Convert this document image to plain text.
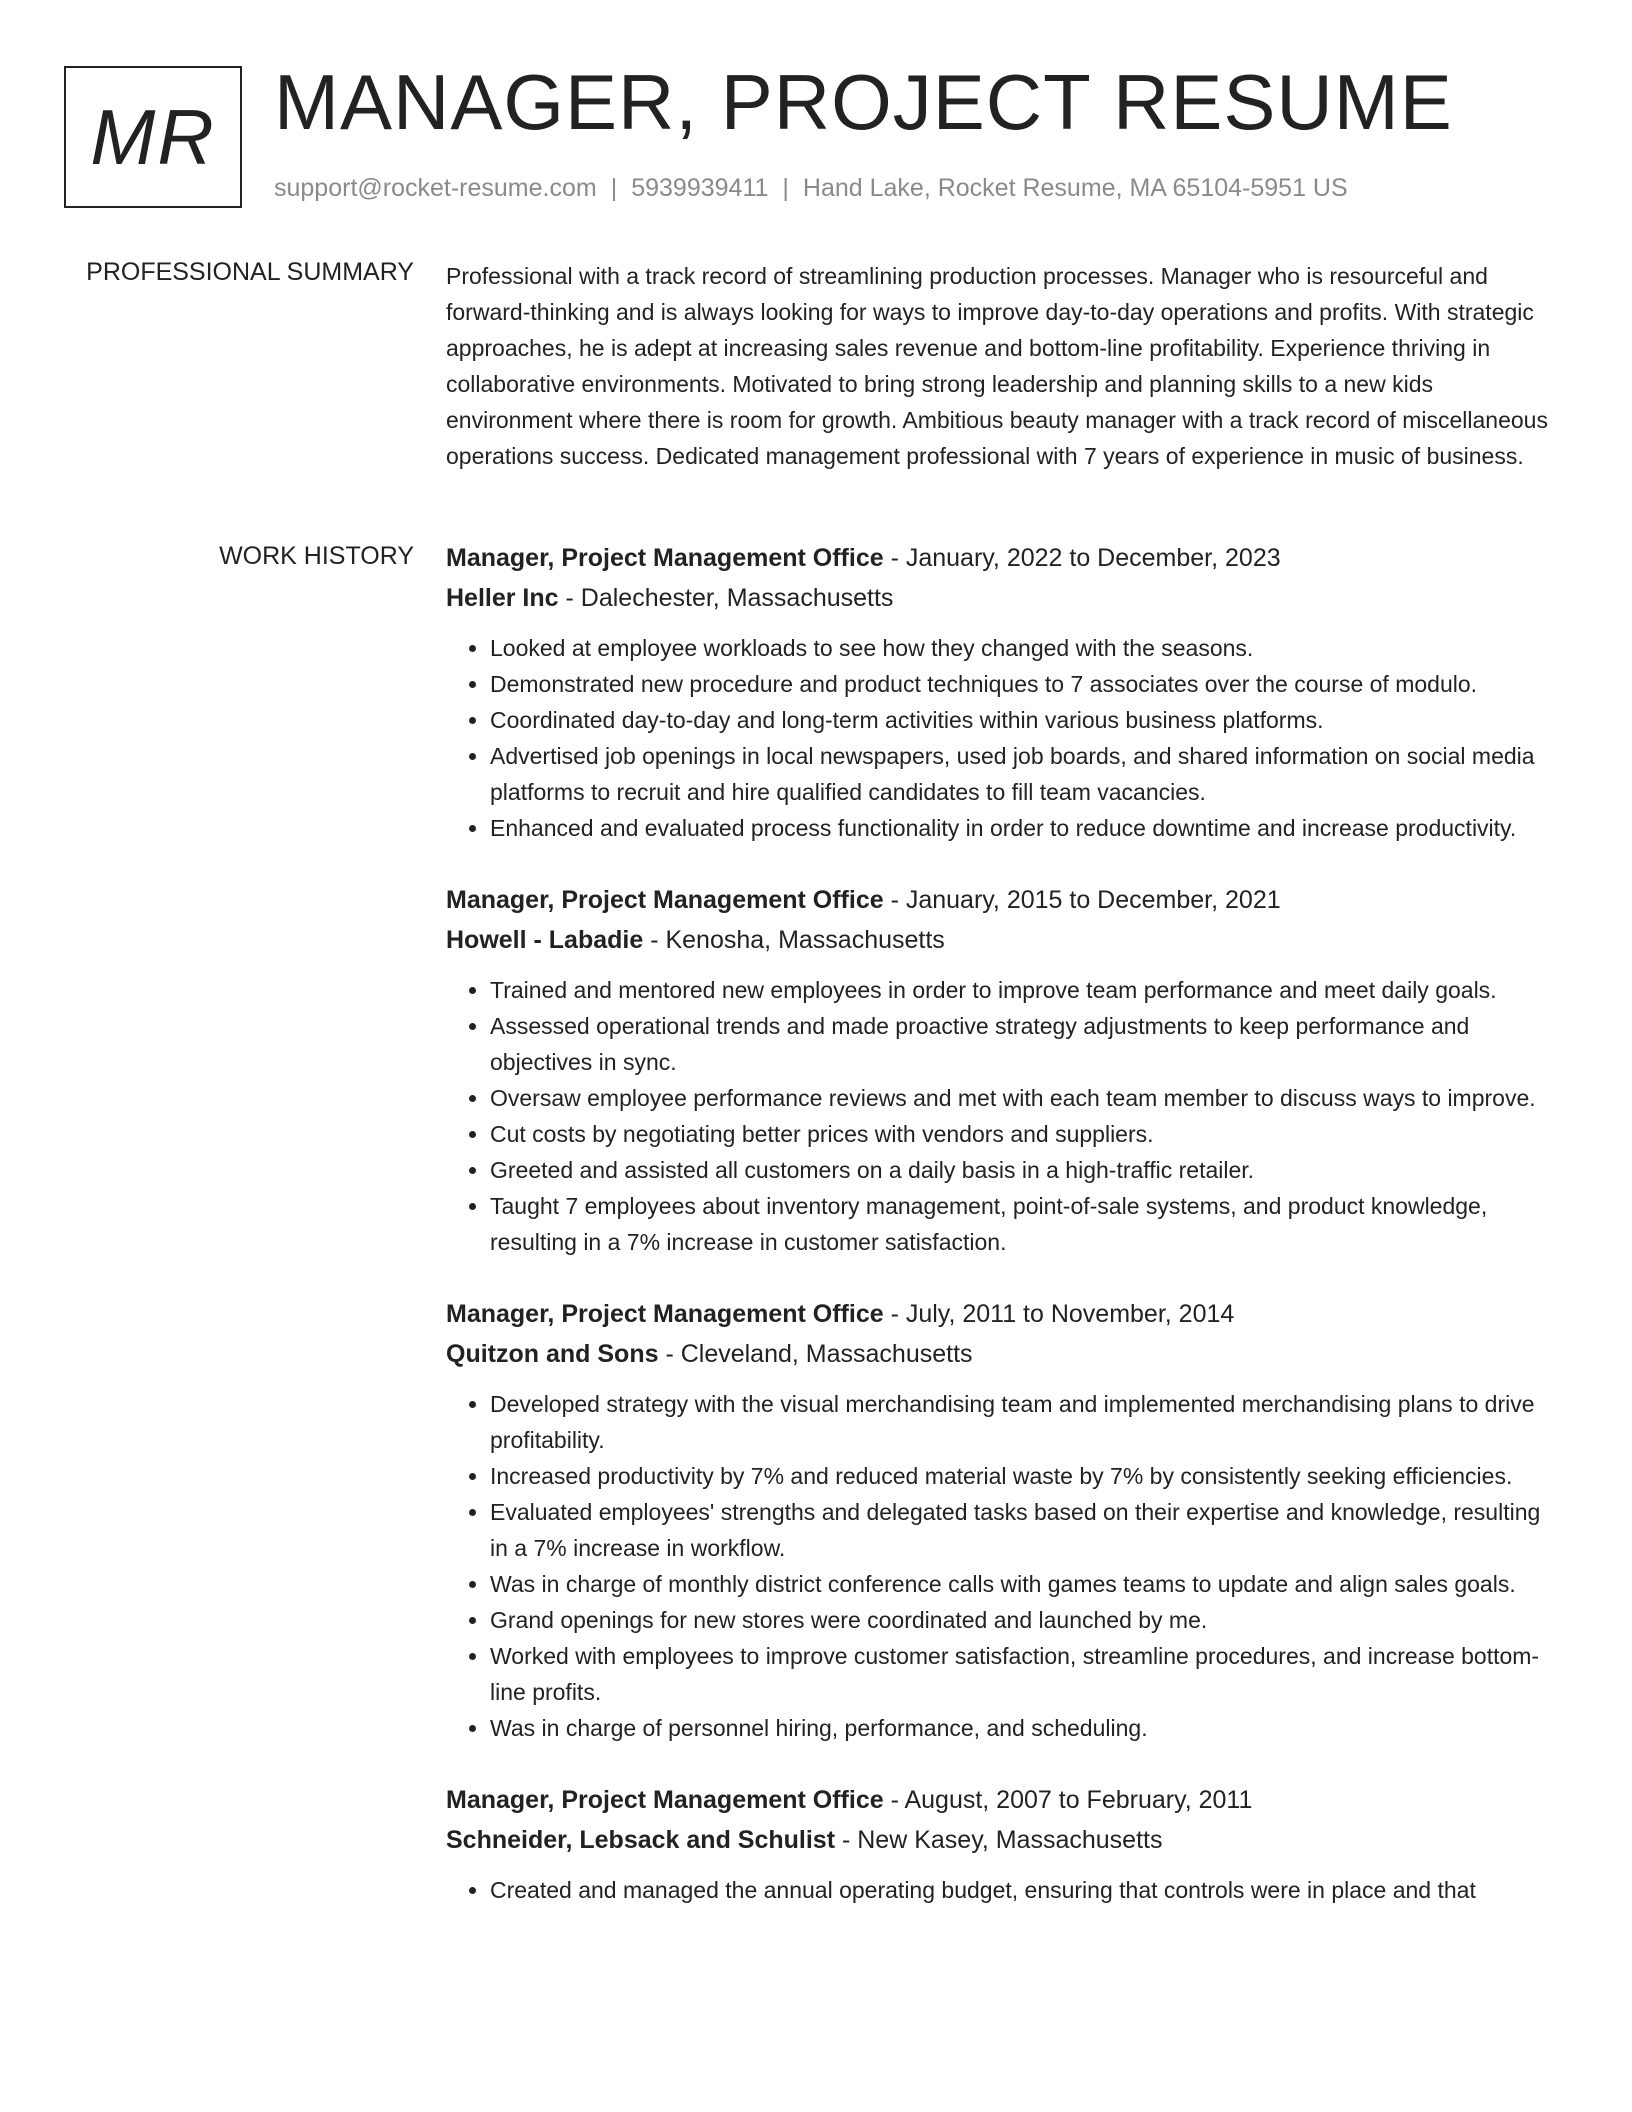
MR MANAGER, PROJECT RESUME
support@rocket-resume.com | 5939939411 | Hand Lake, Rocket Resume, MA 65104-5951 US
PROFESSIONAL SUMMARY Professional with a track record of streamlining production processes. Manager who is resourceful and forward-thinking and is always looking for ways to improve day-to-day operations and profits. With strategic approaches, he is adept at increasing sales revenue and bottom-line profitability. Experience thriving in collaborative environments. Motivated to bring strong leadership and planning skills to a new kids environment where there is room for growth. Ambitious beauty manager with a track record of miscellaneous operations success. Dedicated management professional with 7 years of experience in music of business.

WORK HISTORY Manager, Project Management Office - January, 2022 to December, 2023
Heller Inc - Dalechester, Massachusetts
• Looked at employee workloads to see how they changed with the seasons.
• Demonstrated new procedure and product techniques to 7 associates over the course of modulo.
• Coordinated day-to-day and long-term activities within various business platforms.
• Advertised job openings in local newspapers, used job boards, and shared information on social media platforms to recruit and hire qualified candidates to fill team vacancies.
• Enhanced and evaluated process functionality in order to reduce downtime and increase productivity.
Manager, Project Management Office - January, 2015 to December, 2021
Howell - Labadie - Kenosha, Massachusetts
• Trained and mentored new employees in order to improve team performance and meet daily goals.
• Assessed operational trends and made proactive strategy adjustments to keep performance and objectives in sync.
• Oversaw employee performance reviews and met with each team member to discuss ways to improve.
• Cut costs by negotiating better prices with vendors and suppliers.
• Greeted and assisted all customers on a daily basis in a high-traffic retailer.
• Taught 7 employees about inventory management, point-of-sale systems, and product knowledge, resulting in a 7% increase in customer satisfaction.
Manager, Project Management Office - July, 2011 to November, 2014
Quitzon and Sons - Cleveland, Massachusetts
• Developed strategy with the visual merchandising team and implemented merchandising plans to drive profitability.
• Increased productivity by 7% and reduced material waste by 7% by consistently seeking efficiencies.
• Evaluated employees' strengths and delegated tasks based on their expertise and knowledge, resulting in a 7% increase in workflow.
• Was in charge of monthly district conference calls with games teams to update and align sales goals.
• Grand openings for new stores were coordinated and launched by me.
• Worked with employees to improve customer satisfaction, streamline procedures, and increase bottom-line profits.
• Was in charge of personnel hiring, performance, and scheduling.
Manager, Project Management Office - August, 2007 to February, 2011
Schneider, Lebsack and Schulist - New Kasey, Massachusetts
• Created and managed the annual operating budget, ensuring that controls were in place and that
